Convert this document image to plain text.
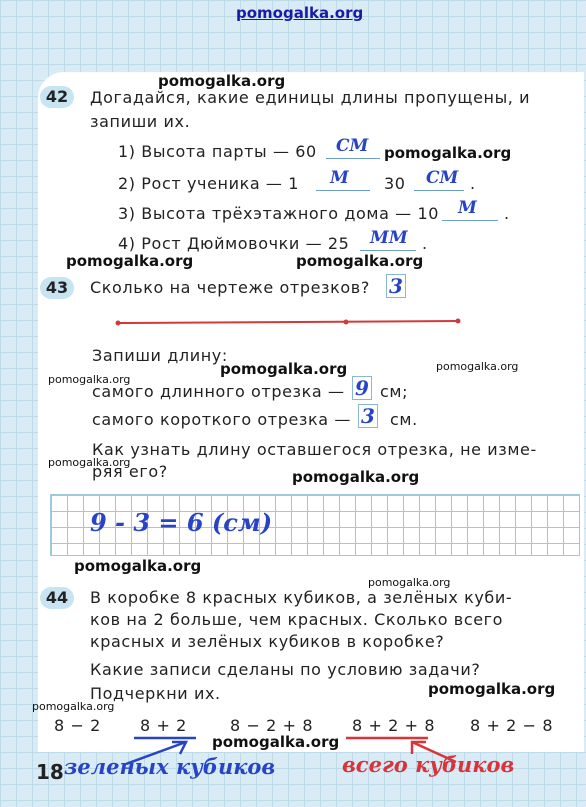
pomogalka.org
pomogalka.org
pomogalka.org
pomogalka.org	pomogalka.org
pomogalka.org	pomogalka.org
pomogalka.org
pomogalka.org
pomogalka.org
pomogalka.org
pomogalka.org
pomogalka.org
pomogalka.org
pomogalka.org
42	Догадайся, какие единицы длины пропущены, и
запиши их.
1) Высота парты — 60 СМ
2) Рост ученика — 1 М 30 СМ .
3) Высота трёхэтажного дома — 10 М .
4) Рост Дюймовочки — 25 ММ .
43	Сколько на чертеже отрезков? 3
Запиши длину:
самого длинного отрезка — 9 см;
самого короткого отрезка — 3 см.
Как узнать длину оставшегося отрезка, не изме-
ряя его?
9 - 3 = 6 (см)
44	В коробке 8 красных кубиков, а зелёных куби-
ков на 2 больше, чем красных. Сколько всего
красных и зелёных кубиков в коробке?
Какие записи сделаны по условию задачи?
Подчеркни их.
8 − 2 8 + 2	8 − 2 + 8 8 + 2 + 8 8 + 2 − 8
18 зеленых кубиков	всего кубиков
